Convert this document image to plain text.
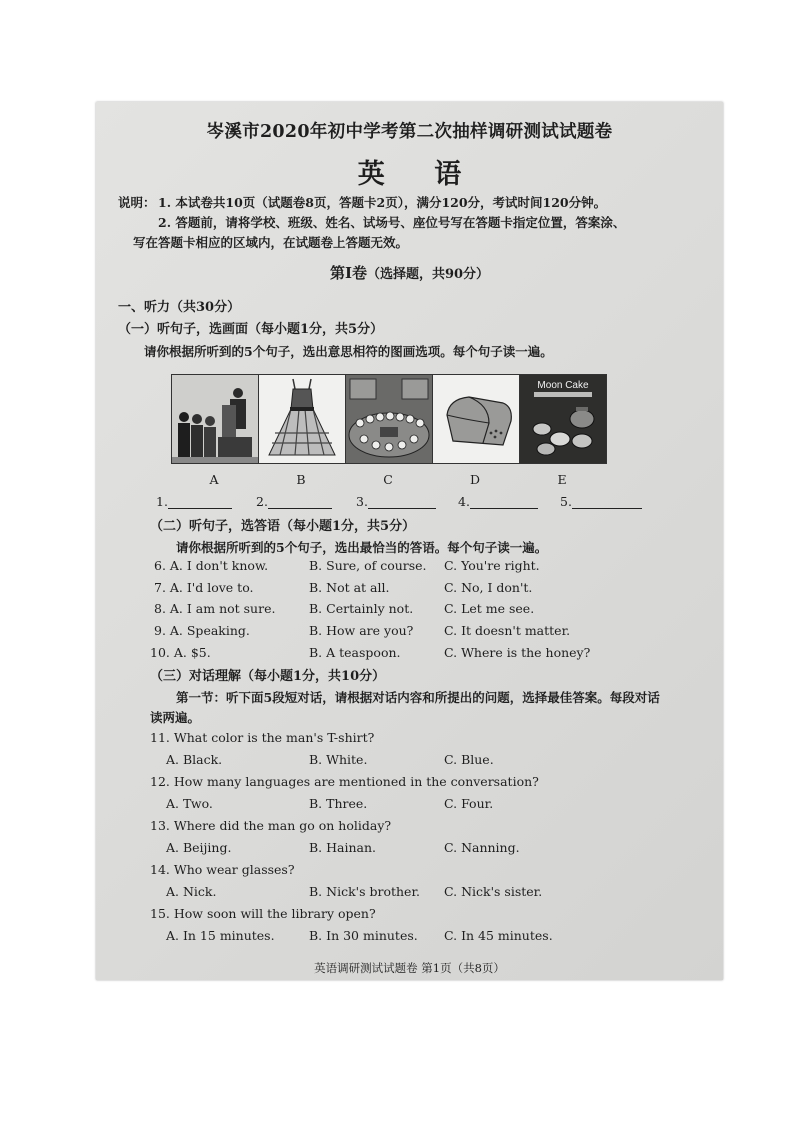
岑溪市2020年初中学考第二次抽样调研测试试题卷
英 语
说明： 1. 本试卷共10页（试题卷8页，答题卡2页），满分120分，考试时间120分钟。
2. 答题前，请将学校、班级、姓名、试场号、座位号写在答题卡指定位置，答案涂、
写在答题卡相应的区域内，在试题卷上答题无效。
第Ⅰ卷（选择题，共90分）
一、听力（共30分）
（一）听句子，选画面（每小题1分，共5分）
请你根据所听到的5个句子，选出意思相符的图画选项。每个句子读一遍。
Moon Cake
A	B	C	D	E
1.	2.	3.	4.	5.
（二）听句子，选答语（每小题1分，共5分）
请你根据所听到的5个句子，选出最恰当的答语。每个句子读一遍。
6. A. I don't know.	B. Sure, of course. C. You're right.
7. A. I'd love to.	B. Not at all.	C. No, I don't.
8. A. I am not sure.	B. Certainly not. C. Let me see.
9. A. Speaking.	B. How are you? C. It doesn't matter.
10. A. $5.	B. A teaspoon.	C. Where is the honey?
（三）对话理解（每小题1分，共10分）
第一节：听下面5段短对话，请根据对话内容和所提出的问题，选择最佳答案。每段对话
读两遍。
11. What color is the man's T-shirt?
A. Black.	B. White.	C. Blue.
12. How many languages are mentioned in the conversation?
A. Two.	B. Three.	C. Four.
13. Where did the man go on holiday?
A. Beijing.	B. Hainan.	C. Nanning.
14. Who wear glasses?
A. Nick.	B. Nick's brother. C. Nick's sister.
15. How soon will the library open?
A. In 15 minutes.	B. In 30 minutes. C. In 45 minutes.
英语调研测试试题卷 第1页（共8页）
